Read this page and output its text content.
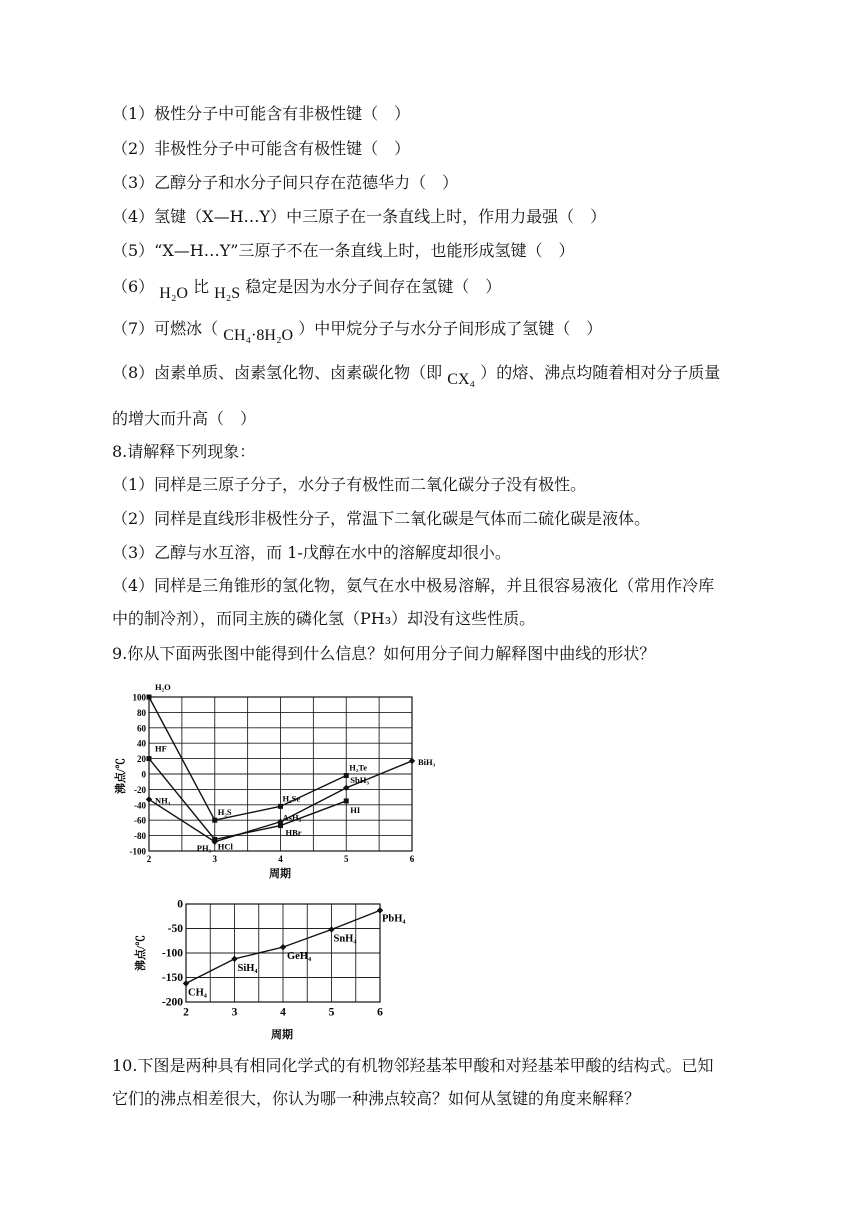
（1）极性分子中可能含有非极性键（　）
（2）非极性分子中可能含有极性键（　）
（3）乙醇分子和水分子间只存在范德华力（　）
（4）氢键（X—H…Y）中三原子在一条直线上时，作用力最强（　）
（5）“X—H…Y”三原子不在一条直线上时，也能形成氢键（　）
（6） H₂O 比 H₂S 稳定是因为水分子间存在氢键（　）
（7）可燃冰（ CH₄·8H₂O ）中甲烷分子与水分子间形成了氢键（　）
（8）卤素单质、卤素氢化物、卤素碳化物（即 CX₄ ）的熔、沸点均随着相对分子质量
的增大而升高（　）
8.请解释下列现象：
（1）同样是三原子分子，水分子有极性而二氧化碳分子没有极性。
（2）同样是直线形非极性分子，常温下二氧化碳是气体而二硫化碳是液体。
（3）乙醇与水互溶，而 1-戊醇在水中的溶解度却很小。
（4）同样是三角锥形的氢化物，氨气在水中极易溶解，并且很容易液化（常用作冷库
中的制冷剂），而同主族的磷化氢（PH₃）却没有这些性质。
9.你从下面两张图中能得到什么信息？如何用分子间力解释图中曲线的形状？
H₂O
H₂S
H₂Se
H₂Te
HF
HCl
HBr
HI
NH₃
PH₃
AsH₃
SbH₃
BiH₃
100
80
60
40
20
0
-20
-40
-60
-80
-100
2	3	4	5	6
沸点/℃
周期
CH₄
SiH₄
GeH₄
SnH₄
PbH₄
0
-50
-100
-150
-200
2	3	4	5	6
沸点/℃
周期
10.下图是两种具有相同化学式的有机物邻羟基苯甲酸和对羟基苯甲酸的结构式。已知
它们的沸点相差很大，你认为哪一种沸点较高？如何从氢键的角度来解释？
